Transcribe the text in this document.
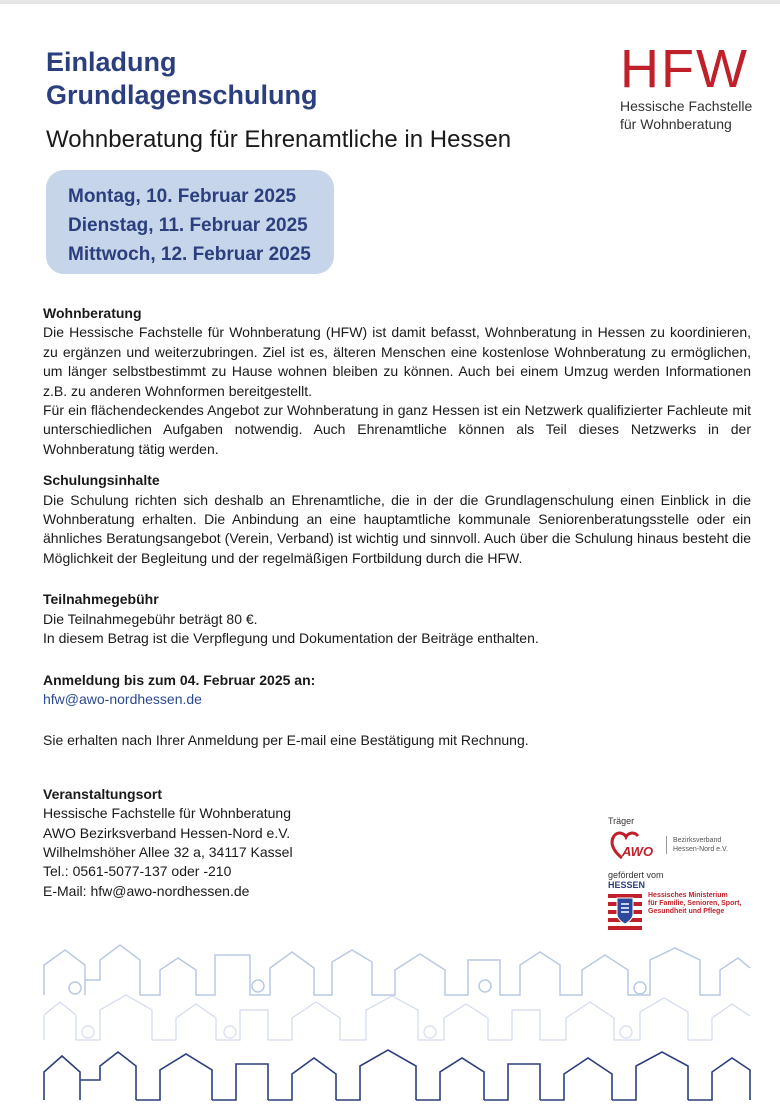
Einladung
Grundlagenschulung
Wohnberatung für Ehrenamtliche in Hessen
HFW
Hessische Fachstelle
für Wohnberatung
Montag, 10. Februar 2025
Dienstag, 11. Februar 2025
Mittwoch, 12. Februar 2025

Wohnberatung

Die Hessische Fachstelle für Wohnberatung (HFW) ist damit befasst, Wohnberatung in Hessen zu koordinieren, zu ergänzen und weiterzubringen. Ziel ist es, älteren Menschen eine kostenlose Wohnberatung zu ermöglichen, um länger selbstbestimmt zu Hause wohnen bleiben zu können. Auch bei einem Umzug werden Informationen z.B. zu anderen Wohnformen bereitgestellt.

Für ein flächendeckendes Angebot zur Wohnberatung in ganz Hessen ist ein Netzwerk qualifizierter Fachleute mit unterschiedlichen Aufgaben notwendig. Auch Ehrenamtliche können als Teil dieses Netzwerks in der Wohnberatung tätig werden.

Schulungsinhalte

Die Schulung richten sich deshalb an Ehrenamtliche, die in der die Grundlagenschulung einen Einblick in die Wohnberatung erhalten. Die Anbindung an eine hauptamtliche kommunale Seniorenberatungsstelle oder ein ähnliches Beratungsangebot (Verein, Verband) ist wichtig und sinnvoll. Auch über die Schulung hinaus besteht die Möglichkeit der Begleitung und der regelmäßigen Fortbildung durch die HFW.

Teilnahmegebühr

Die Teilnahmegebühr beträgt 80 €.

In diesem Betrag ist die Verpflegung und Dokumentation der Beiträge enthalten.

Anmeldung bis zum 04. Februar 2025 an:

hfw@awo-nordhessen.de

Sie erhalten nach Ihrer Anmeldung per E-mail eine Bestätigung mit Rechnung.

Veranstaltungsort

Hessische Fachstelle für Wohnberatung

AWO Bezirksverband Hessen-Nord e.V.

Wilhelmshöher Allee 32 a, 34117 Kassel

Tel.: 0561-5077-137 oder -210

E-Mail: hfw@awo-nordhessen.de

Träger
AWO
Bezirksverband
Hessen-Nord e.V.
gefördert vom
HESSEN
Hessisches Ministerium
für Familie, Senioren, Sport,
Gesundheit und Pflege
